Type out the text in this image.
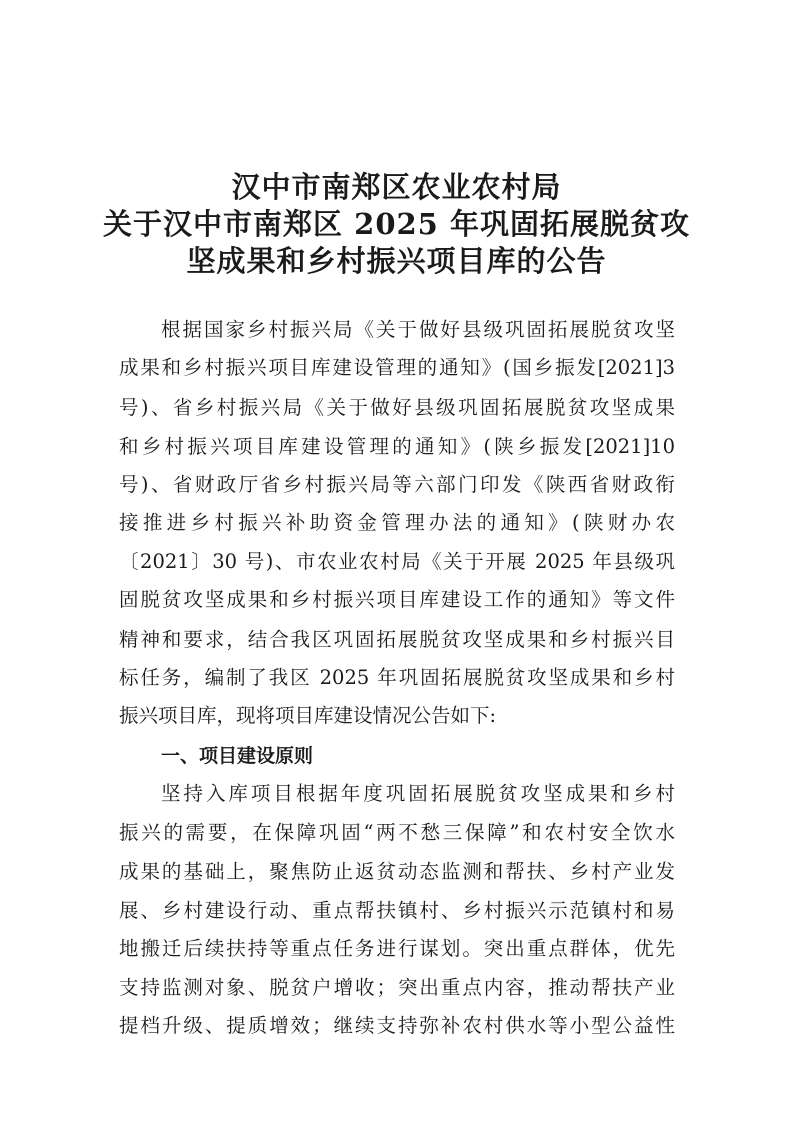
汉中市南郑区农业农村局
关于汉中市南郑区 2025 年巩固拓展脱贫攻
坚成果和乡村振兴项目库的公告
根据国家乡村振兴局《关于做好县级巩固拓展脱贫攻坚
成果和乡村振兴项目库建设管理的通知》(国乡振发[2021]3
号)、省乡村振兴局《关于做好县级巩固拓展脱贫攻坚成果
和乡村振兴项目库建设管理的通知》(陕乡振发[2021]10
号)、省财政厅省乡村振兴局等六部门印发《陕西省财政衔
接推进乡村振兴补助资金管理办法的通知》(陕财办农
〔2021〕30 号)、市农业农村局《关于开展 2025 年县级巩
固脱贫攻坚成果和乡村振兴项目库建设工作的通知》等文件
精神和要求，结合我区巩固拓展脱贫攻坚成果和乡村振兴目
标任务，编制了我区 2025 年巩固拓展脱贫攻坚成果和乡村
振兴项目库，现将项目库建设情况公告如下:
一、项目建设原则
坚持入库项目根据年度巩固拓展脱贫攻坚成果和乡村
振兴的需要，在保障巩固“两不愁三保障”和农村安全饮水
成果的基础上，聚焦防止返贫动态监测和帮扶、乡村产业发
展、乡村建设行动、重点帮扶镇村、乡村振兴示范镇村和易
地搬迁后续扶持等重点任务进行谋划。突出重点群体，优先
支持监测对象、脱贫户增收；突出重点内容，推动帮扶产业
提档升级、提质增效；继续支持弥补农村供水等小型公益性
